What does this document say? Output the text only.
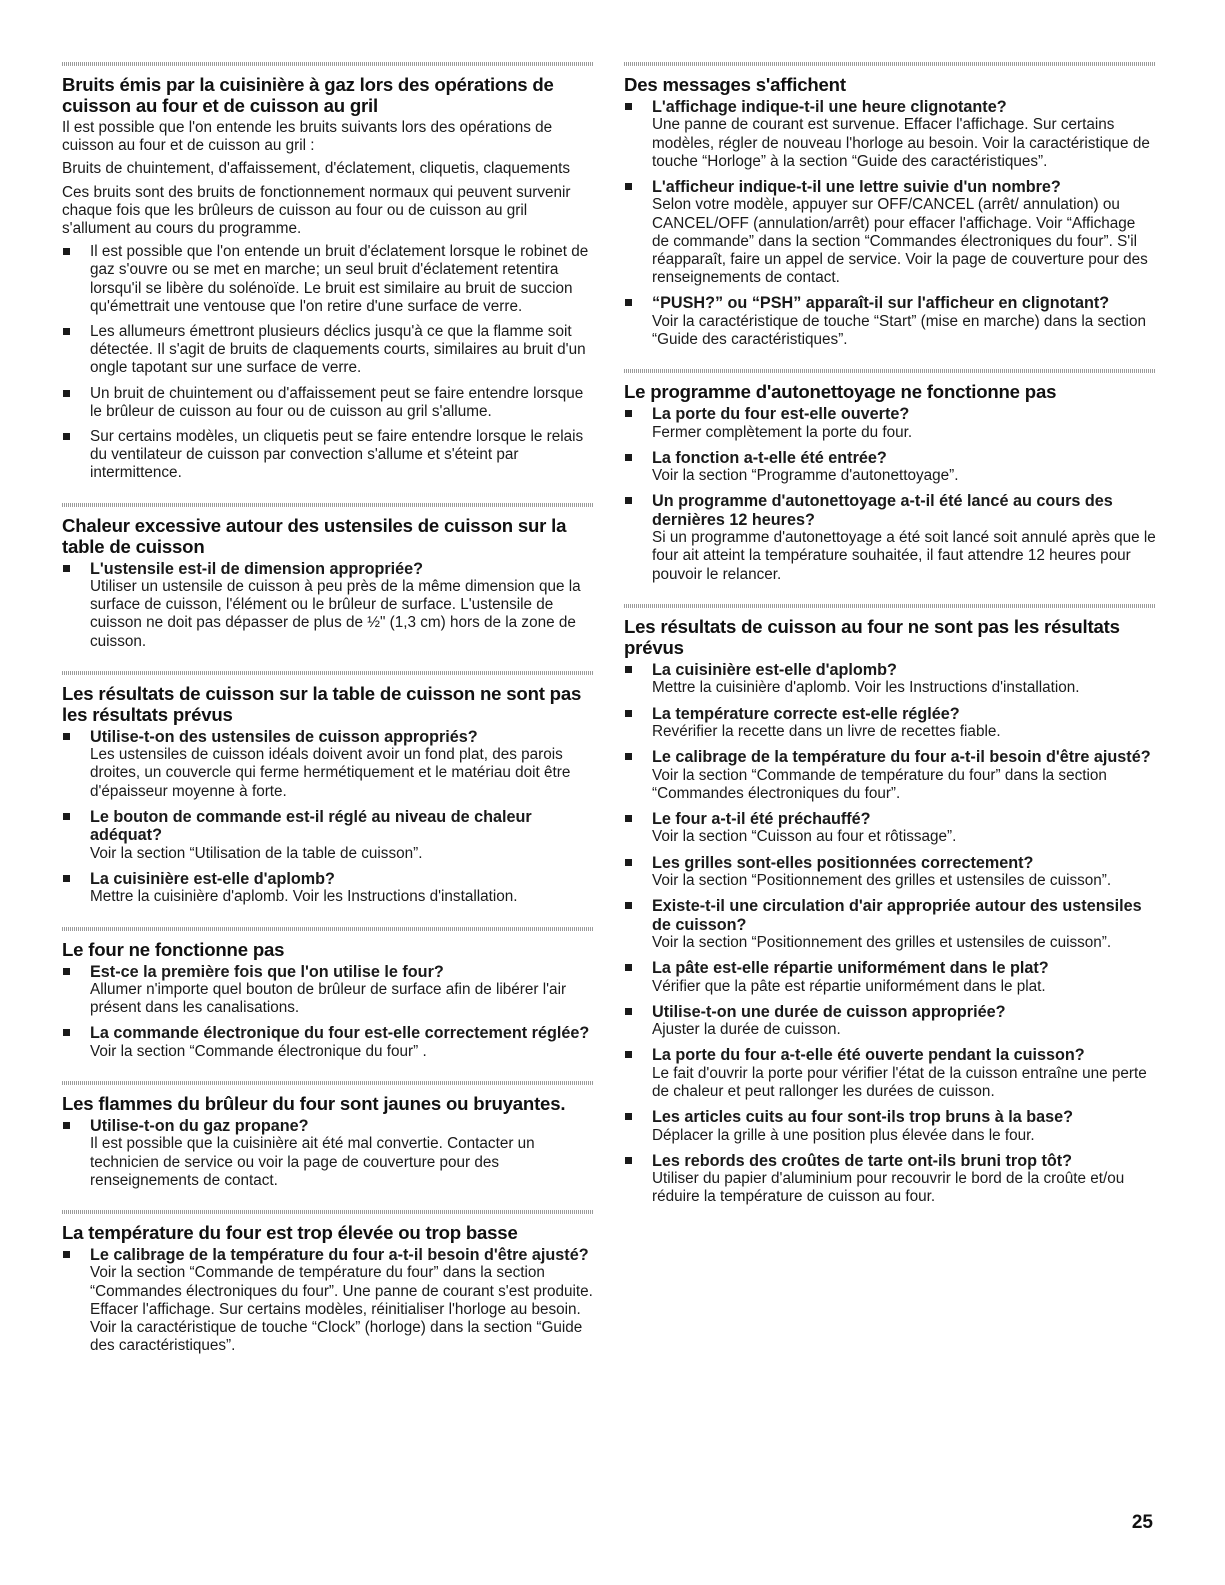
Bruits émis par la cuisinière à gaz lors des opérations de cuisson au four et de cuisson au gril

Il est possible que l'on entende les bruits suivants lors des opérations de cuisson au four et de cuisson au gril :

Bruits de chuintement, d'affaissement, d'éclatement, cliquetis, claquements

Ces bruits sont des bruits de fonctionnement normaux qui peuvent survenir chaque fois que les brûleurs de cuisson au four ou de cuisson au gril s'allument au cours du programme.

Il est possible que l'on entende un bruit d'éclatement lorsque le robinet de gaz s'ouvre ou se met en marche; un seul bruit d'éclatement retentira lorsqu'il se libère du solénoïde. Le bruit est similaire au bruit de succion qu'émettrait une ventouse que l'on retire d'une surface de verre.
Les allumeurs émettront plusieurs déclics jusqu'à ce que la flamme soit détectée. Il s'agit de bruits de claquements courts, similaires au bruit d'un ongle tapotant sur une surface de verre.
Un bruit de chuintement ou d'affaissement peut se faire entendre lorsque le brûleur de cuisson au four ou de cuisson au gril s'allume.
Sur certains modèles, un cliquetis peut se faire entendre lorsque le relais du ventilateur de cuisson par convection s'allume et s'éteint par intermittence.
Chaleur excessive autour des ustensiles de cuisson sur la table de cuisson
L'ustensile est-il de dimension appropriée?
Utiliser un ustensile de cuisson à peu près de la même dimension que la surface de cuisson, l'élément ou le brûleur de surface. L'ustensile de cuisson ne doit pas dépasser de plus de ½" (1,3 cm) hors de la zone de cuisson.
Les résultats de cuisson sur la table de cuisson ne sont pas les résultats prévus
Utilise-t-on des ustensiles de cuisson appropriés?
Les ustensiles de cuisson idéals doivent avoir un fond plat, des parois droites, un couvercle qui ferme hermétiquement et le matériau doit être d'épaisseur moyenne à forte.
Le bouton de commande est-il réglé au niveau de chaleur adéquat?
Voir la section “Utilisation de la table de cuisson”.
La cuisinière est-elle d'aplomb?
Mettre la cuisinière d'aplomb. Voir les Instructions d'installation.
Le four ne fonctionne pas
Est-ce la première fois que l'on utilise le four?
Allumer n'importe quel bouton de brûleur de surface afin de libérer l'air présent dans les canalisations.
La commande électronique du four est-elle correctement réglée?
Voir la section “Commande électronique du four” .
Les flammes du brûleur du four sont jaunes ou bruyantes.
Utilise-t-on du gaz propane?
Il est possible que la cuisinière ait été mal convertie. Contacter un technicien de service ou voir la page de couverture pour des renseignements de contact.
La température du four est trop élevée ou trop basse
Le calibrage de la température du four a-t-il besoin d'être ajusté?
Voir la section “Commande de température du four” dans la section “Commandes électroniques du four”. Une panne de courant s'est produite. Effacer l'affichage. Sur certains modèles, réinitialiser l'horloge au besoin. Voir la caractéristique de touche “Clock” (horloge) dans la section “Guide des caractéristiques”.
Des messages s'affichent
L'affichage indique-t-il une heure clignotante?
Une panne de courant est survenue. Effacer l'affichage. Sur certains modèles, régler de nouveau l'horloge au besoin. Voir la caractéristique de touche “Horloge” à la section “Guide des caractéristiques”.
L'afficheur indique-t-il une lettre suivie d'un nombre?
Selon votre modèle, appuyer sur OFF/CANCEL (arrêt/ annulation) ou CANCEL/OFF (annulation/arrêt) pour effacer l'affichage. Voir “Affichage de commande” dans la section “Commandes électroniques du four”. S'il réapparaît, faire un appel de service. Voir la page de couverture pour des renseignements de contact.
“PUSH?” ou “PSH” apparaît-il sur l'afficheur en clignotant?
Voir la caractéristique de touche “Start” (mise en marche) dans la section “Guide des caractéristiques”.
Le programme d'autonettoyage ne fonctionne pas
La porte du four est-elle ouverte?
Fermer complètement la porte du four.
La fonction a-t-elle été entrée?
Voir la section “Programme d'autonettoyage”.
Un programme d'autonettoyage a-t-il été lancé au cours des dernières 12 heures?
Si un programme d'autonettoyage a été soit lancé soit annulé après que le four ait atteint la température souhaitée, il faut attendre 12 heures pour pouvoir le relancer.
Les résultats de cuisson au four ne sont pas les résultats prévus
La cuisinière est-elle d'aplomb?
Mettre la cuisinière d'aplomb. Voir les Instructions d'installation.
La température correcte est-elle réglée?
Revérifier la recette dans un livre de recettes fiable.
Le calibrage de la température du four a-t-il besoin d'être ajusté?
Voir la section “Commande de température du four” dans la section “Commandes électroniques du four”.
Le four a-t-il été préchauffé?
Voir la section “Cuisson au four et rôtissage”.
Les grilles sont-elles positionnées correctement?
Voir la section “Positionnement des grilles et ustensiles de cuisson”.
Existe-t-il une circulation d'air appropriée autour des ustensiles de cuisson?
Voir la section “Positionnement des grilles et ustensiles de cuisson”.
La pâte est-elle répartie uniformément dans le plat?
Vérifier que la pâte est répartie uniformément dans le plat.
Utilise-t-on une durée de cuisson appropriée?
Ajuster la durée de cuisson.
La porte du four a-t-elle été ouverte pendant la cuisson?
Le fait d'ouvrir la porte pour vérifier l'état de la cuisson entraîne une perte de chaleur et peut rallonger les durées de cuisson.
Les articles cuits au four sont-ils trop bruns à la base?
Déplacer la grille à une position plus élevée dans le four.
Les rebords des croûtes de tarte ont-ils bruni trop tôt?
Utiliser du papier d'aluminium pour recouvrir le bord de la croûte et/ou réduire la température de cuisson au four.
25
